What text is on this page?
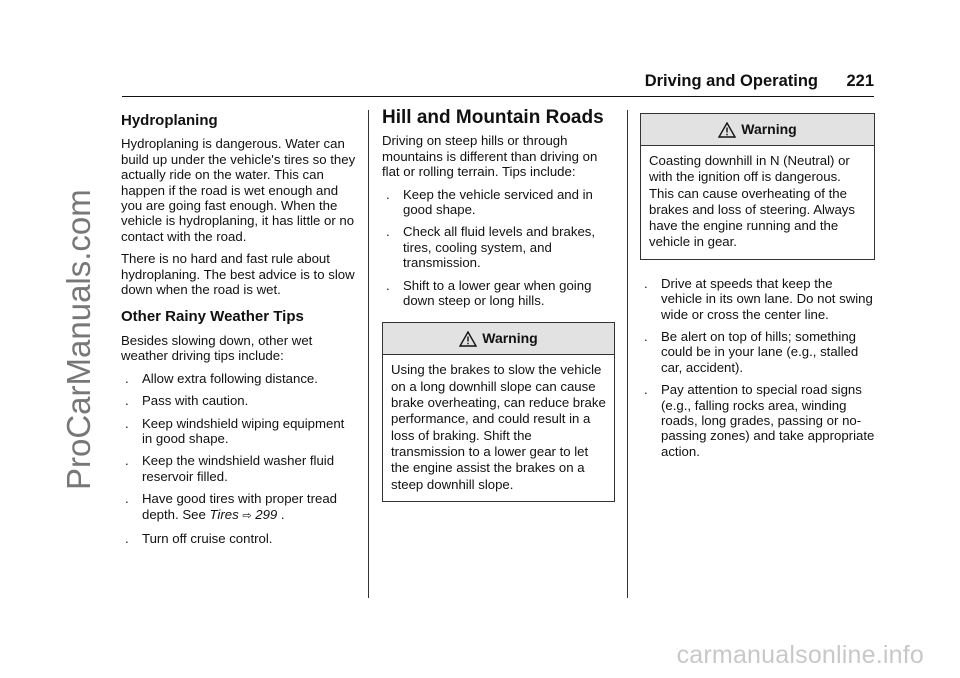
ProCarManuals.com
carmanualsonline.info
Driving and Operating 221
Hydroplaning

Hydroplaning is dangerous. Water can build up under the vehicle's tires so they actually ride on the water. This can happen if the road is wet enough and you are going fast enough. When the vehicle is hydroplaning, it has little or no contact with the road.

There is no hard and fast rule about hydroplaning. The best advice is to slow down when the road is wet.

Other Rainy Weather Tips

Besides slowing down, other wet weather driving tips include:

. Allow extra following distance.
. Pass with caution.
. Keep windshield wiping equipment in good shape.
. Keep the windshield washer fluid reservoir filled.
. Have good tires with proper tread depth. See Tires ⇨ 299 .
. Turn off cruise control.
Hill and Mountain Roads

Driving on steep hills or through mountains is different than driving on flat or rolling terrain. Tips include:

. Keep the vehicle serviced and in good shape.
. Check all fluid levels and brakes, tires, cooling system, and transmission.
. Shift to a lower gear when going down steep or long hills.
Warning
Using the brakes to slow the vehicle on a long downhill slope can cause brake overheating, can reduce brake performance, and could result in a loss of braking. Shift the transmission to a lower gear to let the engine assist the brakes on a steep downhill slope.
Warning
Coasting downhill in N (Neutral) or with the ignition off is dangerous. This can cause overheating of the brakes and loss of steering. Always have the engine running and the vehicle in gear.
. Drive at speeds that keep the vehicle in its own lane. Do not swing wide or cross the center line.
. Be alert on top of hills; something could be in your lane (e.g., stalled car, accident).
. Pay attention to special road signs (e.g., falling rocks area, winding roads, long grades, passing or no-passing zones) and take appropriate action.
